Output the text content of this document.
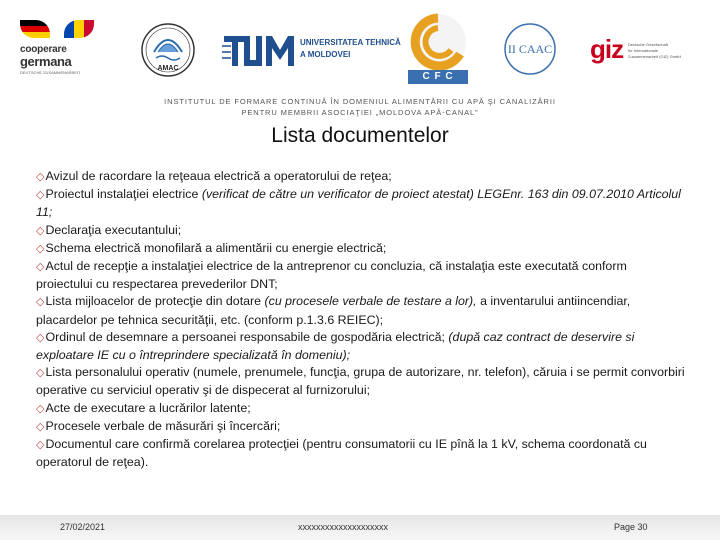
cooperare
germana
DEUTSCHE ZUSAMMENARBEIT
AMAC
UNIVERSITATEA TEHNICĂ
A MOLDOVEI
C F C
II CAAC	giz Deutsche Gesellschaft
für Internationale
Zusammenarbeit (GIZ) GmbH
INSTITUTUL DE FORMARE CONTINUĂ ÎN DOMENIUL ALIMENTĂRII CU APĂ ŞI CANALIZĂRII
PENTRU MEMBRII ASOCIAŢIEI „MOLDOVA APĂ-CANAL”
Lista documentelor
◇Avizul de racordare la reţeaua electrică a operatorului de reţea;
◇Proiectul instalaţiei electrice (verificat de către un verificator de proiect atestat) LEGEnr. 163 din 09.07.2010 Articolul 11;
◇Declaraţia executantului;
◇Schema electrică monofilară a alimentării cu energie electrică;
◇Actul de recepţie a instalaţiei electrice de la antreprenor cu concluzia, că instalaţia este executată conform proiectului cu respectarea prevederilor DNT;
◇Lista mijloacelor de protecţie din dotare (cu procesele verbale de testare a lor), a inventarului antiincendiar, placardelor pe tehnica securităţii, etc. (conform p.1.3.6 REIEC);
◇Ordinul de desemnare a persoanei responsabile de gospodăria electrică; (după caz contract de deservire si exploatare IE cu o întreprindere specializată în domeniu);
◇Lista personalului operativ (numele, prenumele, funcţia, grupa de autorizare, nr. telefon), căruia i se permit convorbiri operative cu serviciul operativ şi de dispecerat al furnizorului;
◇Acte de executare a lucrărilor latente;
◇Procesele verbale de măsurări şi încercări;
◇Documentul care confirmă corelarea protecţiei (pentru consumatorii cu IE pînă la 1 kV, schema coordonată cu operatorul de reţea).
27/02/2021	xxxxxxxxxxxxxxxxxxxx	Page 30
